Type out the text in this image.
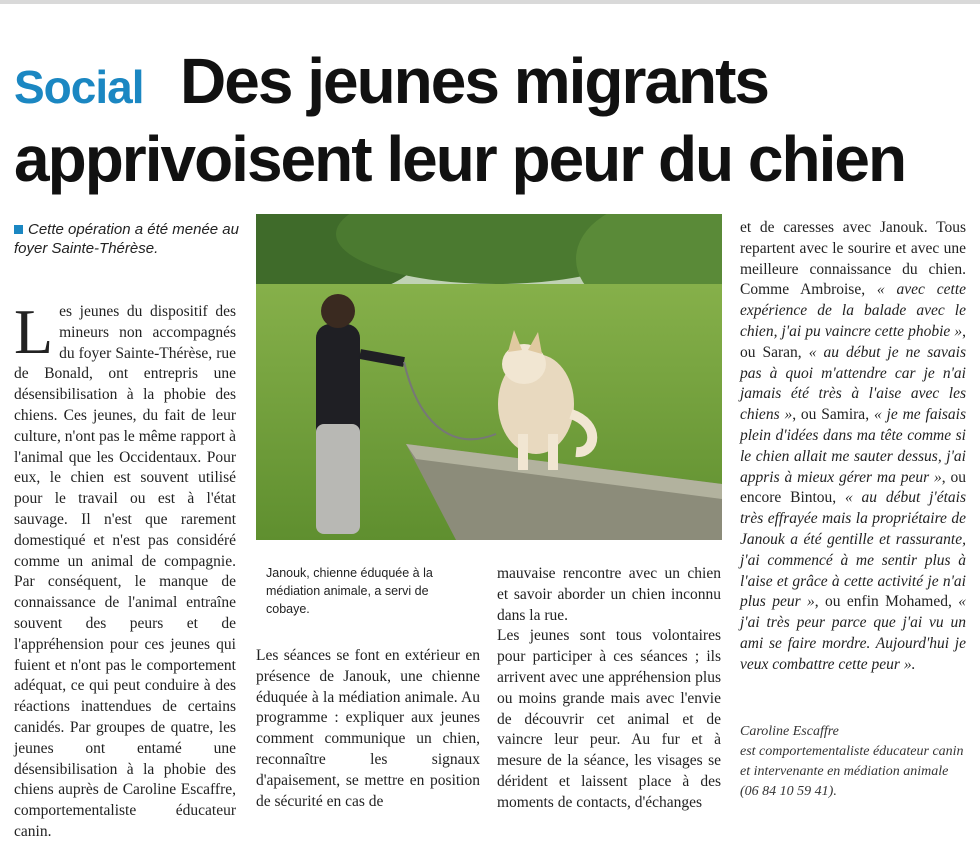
Social Des jeunes migrants
apprivoisent leur peur du chien
Cette opération a été menée au foyer Sainte-Thérèse.
Les jeunes du dispositif des mineurs non accompagnés du foyer Sainte-Thérèse, rue de Bonald, ont entrepris une désensibilisation à la phobie des chiens. Ces jeunes, du fait de leur culture, n'ont pas le même rapport à l'animal que les Occidentaux. Pour eux, le chien est souvent utilisé pour le travail ou est à l'état sauvage. Il n'est que rarement domestiqué et n'est pas considéré comme un animal de compagnie. Par conséquent, le manque de connaissance de l'animal entraîne souvent des peurs et de l'appréhension pour ces jeunes qui fuient et n'ont pas le comportement adéquat, ce qui peut conduire à des réactions inattendues de certains canidés. Par groupes de quatre, les jeunes ont entamé une désensibilisation à la phobie des chiens auprès de Caroline Escaffre, comportementaliste éducateur canin.
Janouk, chienne éduquée à la médiation animale, a servi de cobaye.
Les séances se font en extérieur en présence de Janouk, une chienne éduquée à la médiation animale. Au programme : expliquer aux jeunes comment communique un chien, reconnaître les signaux d'apaisement, se mettre en position de sécurité en cas de
mauvaise rencontre avec un chien et savoir aborder un chien inconnu dans la rue.
Les jeunes sont tous volontaires pour participer à ces séances ; ils arrivent avec une appréhension plus ou moins grande mais avec l'envie de découvrir cet animal et de vaincre leur peur. Au fur et à mesure de la séance, les visages se dérident et laissent place à des moments de contacts, d'échanges
et de caresses avec Janouk. Tous repartent avec le sourire et avec une meilleure connaissance du chien. Comme Ambroise, « avec cette expérience de la balade avec le chien, j'ai pu vaincre cette phobie », ou Saran, « au début je ne savais pas à quoi m'attendre car je n'ai jamais été très à l'aise avec les chiens », ou Samira, « je me faisais plein d'idées dans ma tête comme si le chien allait me sauter dessus, j'ai appris à mieux gérer ma peur », ou encore Bintou, « au début j'étais très effrayée mais la propriétaire de Janouk a été gentille et rassurante, j'ai commencé à me sentir plus à l'aise et grâce à cette activité je n'ai plus peur », ou enfin Mohamed, « j'ai très peur parce que j'ai vu un ami se faire mordre. Aujourd'hui je veux combattre cette peur ».
Caroline Escaffre
est comportementaliste éducateur canin et intervenante en médiation animale (06 84 10 59 41).
